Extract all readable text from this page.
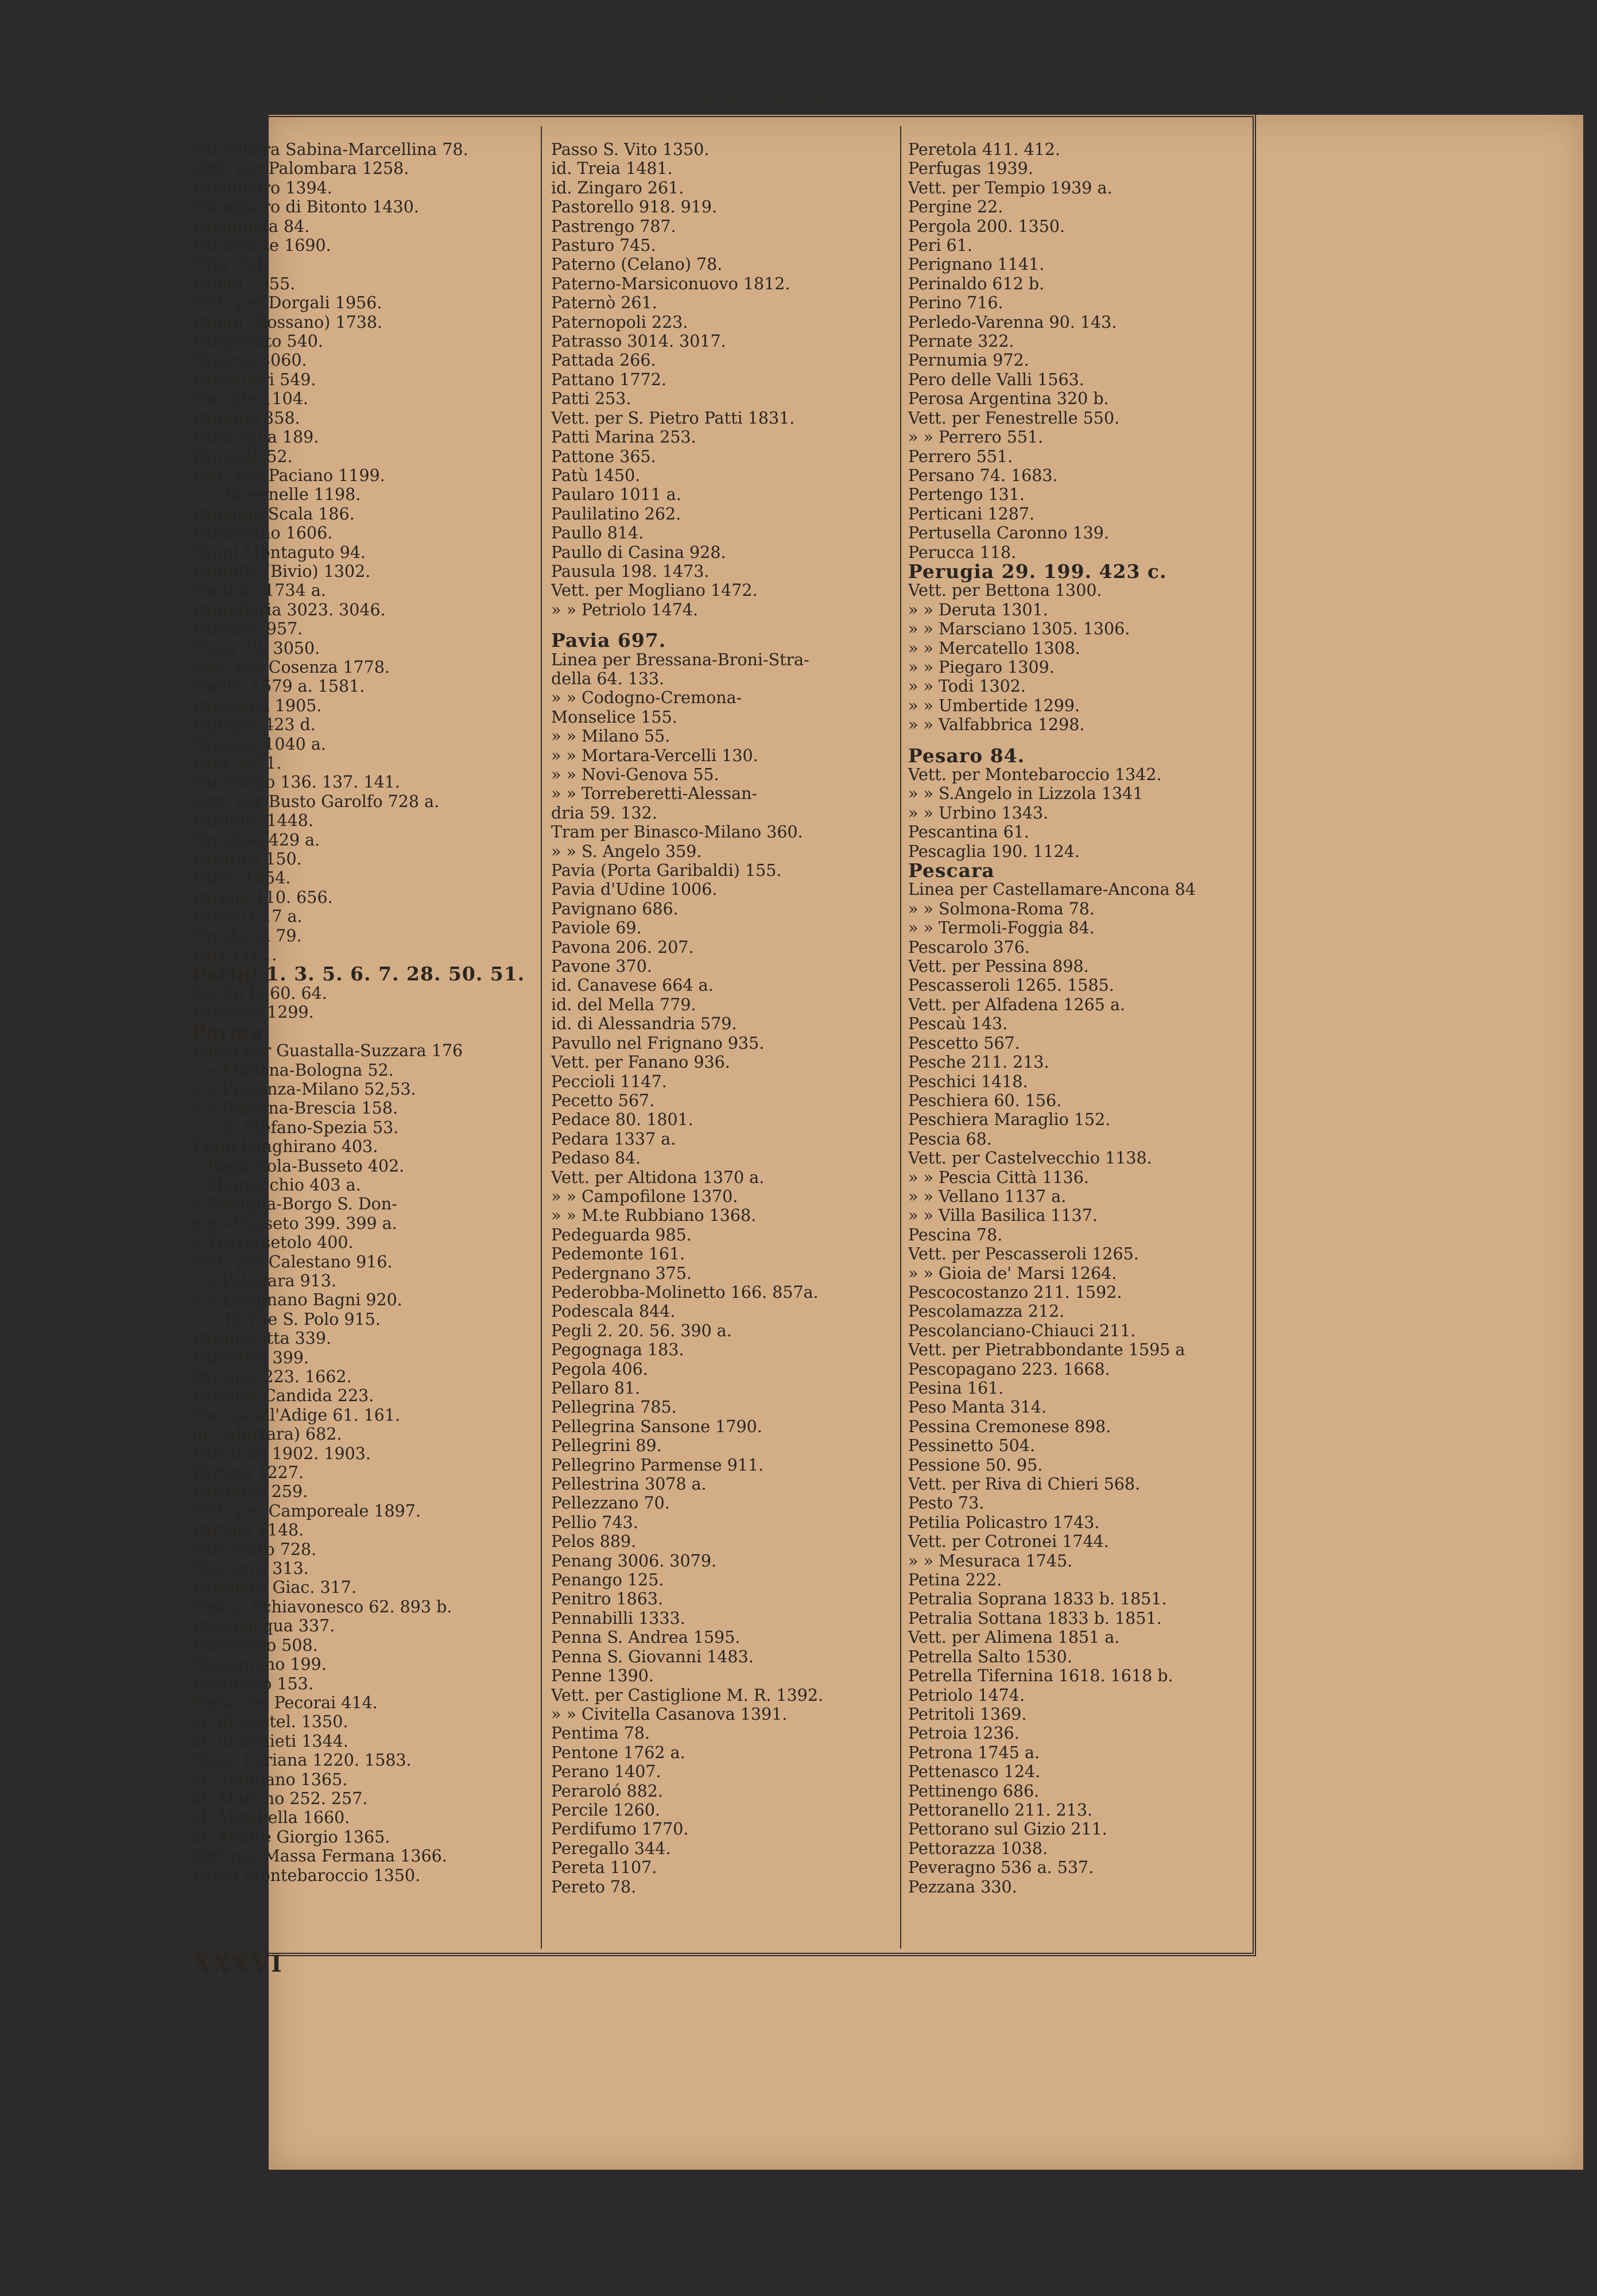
INDICE ALFABETICO
Palombara Sabina-Marcellina 78.
Vett. per Palombara 1258.
Palombaro 1394.
Palombaro di Bitonto 1430.
Palombina 84.
Palomonte 1690.
Palù 784.
Paludi 1955.
Vett. per Dorgali 1956.
Paludi (Rossano) 1738.
Pamparato 540.
Panaria 3060.
Pancalieri 549.
Pancole 1104.
Pandino 358.
Panicaglia 189.
Panicale 52.
Vett. per Paciano 1199.
» » Tavernelle 1198.
Panigale Scala 186.
Pannarano 1606.
Panni-Montaguto 94.
Pantalla (Bivio) 1302.
Pantano 1734 a.
Pantelleria 3023. 3046.
Panzano 957.
Paola 79. 3050.
Vett. per Cosenza 1778.
Paolisi 1579 a. 1581.
Paparella 1905.
Papigno 423 d.
Papozze 1040 a.
Parà 3071.
Parabiago 136. 137. 141.
Vett. per Busto Garolfo 728 a.
Parabita 1448.
Paradiso 429 a.
Paratico 150.
Parco 1854.
Parella 110. 656.
Pareto 617 a.
Parghelia 79.
Pari 1161.
Parigi 1. 3. 5. 6. 7. 28. 50. 51.
56. 56 b. 60. 64.
Parlesca 1299.
Parma
Linea per Guastalla-Suzzara 176
» » Modena-Bologna 52.
» » Piacenza-Milano 52,53.
» » Piadena-Brescia 158.
» » S. Stefano-Spezia 53.
Tram Langhirano 403.
» Ragazzola-Busseto 402.
» Montecchio 403 a.
» Soragna-Borgo S. Don-
nino-Busseto 399. 399 a.
» Traversetolo 400.
Vett. per Calestano 916.
» » Pelegara 913.
» » Lesignano Bagni 920.
» » Torrile S. Polo 915.
Parodi-Litta 339.
Paroletta 399.
Parolise 223. 1662.
Parolise-Candida 223.
Parona all'Adige 61. 161.
Id. (Mortara) 682.
Partanna 1902. 1903.
Partina 1227.
Partinico 259.
Vett. per Camporeale 1897.
Partino 1148.
Paruzzaro 728.
Paschera 313.
Paschero Giac. 317.
Pasian Schiavonesco 62. 893 b.
Passalacqua 337.
Passerano 508.
Passignano 199.
Passirano 153.
Passo dei Pecorai 414.
id. di Castel. 1350.
id. di Schieti 1344.
Passo Lariana 1220. 1583.
id. Magliano 1365.
id. Martino 252. 257.
id. Mirabella 1660.
id. Monte Giorgio 1365.
Vett per Massa Fermana 1366.
Passo Montebaroccio 1350.
Passo S. Vito 1350.
id. Treia 1481.
id. Zingaro 261.
Pastorello 918. 919.
Pastrengo 787.
Pasturo 745.
Paterno (Celano) 78.
Paterno-Marsiconuovo 1812.
Paternò 261.
Paternopoli 223.
Patrasso 3014. 3017.
Pattada 266.
Pattano 1772.
Patti 253.
Vett. per S. Pietro Patti 1831.
Patti Marina 253.
Pattone 365.
Patù 1450.
Paularo 1011 a.
Paulilatino 262.
Paullo 814.
Paullo di Casina 928.
Pausula 198. 1473.
Vett. per Mogliano 1472.
» » Petriolo 1474.
Pavia 697.
Linea per Bressana-Broni-Stra-
della 64. 133.
» » Codogno-Cremona-
Monselice 155.
» » Milano 55.
» » Mortara-Vercelli 130.
» » Novi-Genova 55.
» » Torreberetti-Alessan-
dria 59. 132.
Tram per Binasco-Milano 360.
» » S. Angelo 359.
Pavia (Porta Garibaldi) 155.
Pavia d'Udine 1006.
Pavignano 686.
Paviole 69.
Pavona 206. 207.
Pavone 370.
id. Canavese 664 a.
id. del Mella 779.
id. di Alessandria 579.
Pavullo nel Frignano 935.
Vett. per Fanano 936.
Peccioli 1147.
Pecetto 567.
Pedace 80. 1801.
Pedara 1337 a.
Pedaso 84.
Vett. per Altidona 1370 a.
» » Campofilone 1370.
» » M.te Rubbiano 1368.
Pedeguarda 985.
Pedemonte 161.
Pedergnano 375.
Pederobba-Molinetto 166. 857a.
Podescala 844.
Pegli 2. 20. 56. 390 a.
Pegognaga 183.
Pegola 406.
Pellaro 81.
Pellegrina 785.
Pellegrina Sansone 1790.
Pellegrini 89.
Pellegrino Parmense 911.
Pellestrina 3078 a.
Pellezzano 70.
Pellio 743.
Pelos 889.
Penang 3006. 3079.
Penango 125.
Penitro 1863.
Pennabilli 1333.
Penna S. Andrea 1595.
Penna S. Giovanni 1483.
Penne 1390.
Vett. per Castiglione M. R. 1392.
» » Civitella Casanova 1391.
Pentima 78.
Pentone 1762 a.
Perano 1407.
Peraroló 882.
Percile 1260.
Perdifumo 1770.
Peregallo 344.
Pereta 1107.
Pereto 78.
Peretola 411. 412.
Perfugas 1939.
Vett. per Tempio 1939 a.
Pergine 22.
Pergola 200. 1350.
Peri 61.
Perignano 1141.
Perinaldo 612 b.
Perino 716.
Perledo-Varenna 90. 143.
Pernate 322.
Pernumia 972.
Pero delle Valli 1563.
Perosa Argentina 320 b.
Vett. per Fenestrelle 550.
» » Perrero 551.
Perrero 551.
Persano 74. 1683.
Pertengo 131.
Perticani 1287.
Pertusella Caronno 139.
Perucca 118.
Perugia 29. 199. 423 c.
Vett. per Bettona 1300.
» » Deruta 1301.
» » Marsciano 1305. 1306.
» » Mercatello 1308.
» » Piegaro 1309.
» » Todi 1302.
» » Umbertide 1299.
» » Valfabbrica 1298.
Pesaro 84.
Vett. per Montebaroccio 1342.
» » S.Angelo in Lizzola 1341
» » Urbino 1343.
Pescantina 61.
Pescaglia 190. 1124.
Pescara
Linea per Castellamare-Ancona 84
» » Solmona-Roma 78.
» » Termoli-Foggia 84.
Pescarolo 376.
Vett. per Pessina 898.
Pescasseroli 1265. 1585.
Vett. per Alfadena 1265 a.
Pescaù 143.
Pescetto 567.
Pesche 211. 213.
Peschici 1418.
Peschiera 60. 156.
Peschiera Maraglio 152.
Pescia 68.
Vett. per Castelvecchio 1138.
» » Pescia Città 1136.
» » Vellano 1137 a.
» » Villa Basilica 1137.
Pescina 78.
Vett. per Pescasseroli 1265.
» » Gioia de' Marsi 1264.
Pescocostanzo 211. 1592.
Pescolamazza 212.
Pescolanciano-Chiauci 211.
Vett. per Pietrabbondante 1595 a
Pescopagano 223. 1668.
Pesina 161.
Peso Manta 314.
Pessina Cremonese 898.
Pessinetto 504.
Pessione 50. 95.
Vett. per Riva di Chieri 568.
Pesto 73.
Petilia Policastro 1743.
Vett. per Cotronei 1744.
» » Mesuraca 1745.
Petina 222.
Petralia Soprana 1833 b. 1851.
Petralia Sottana 1833 b. 1851.
Vett. per Alimena 1851 a.
Petrella Salto 1530.
Petrella Tifernina 1618. 1618 b.
Petriolo 1474.
Petritoli 1369.
Petroia 1236.
Petrona 1745 a.
Pettenasco 124.
Pettinengo 686.
Pettoranello 211. 213.
Pettorano sul Gizio 211.
Pettorazza 1038.
Peveragno 536 a. 537.
Pezzana 330.
XXXVI
